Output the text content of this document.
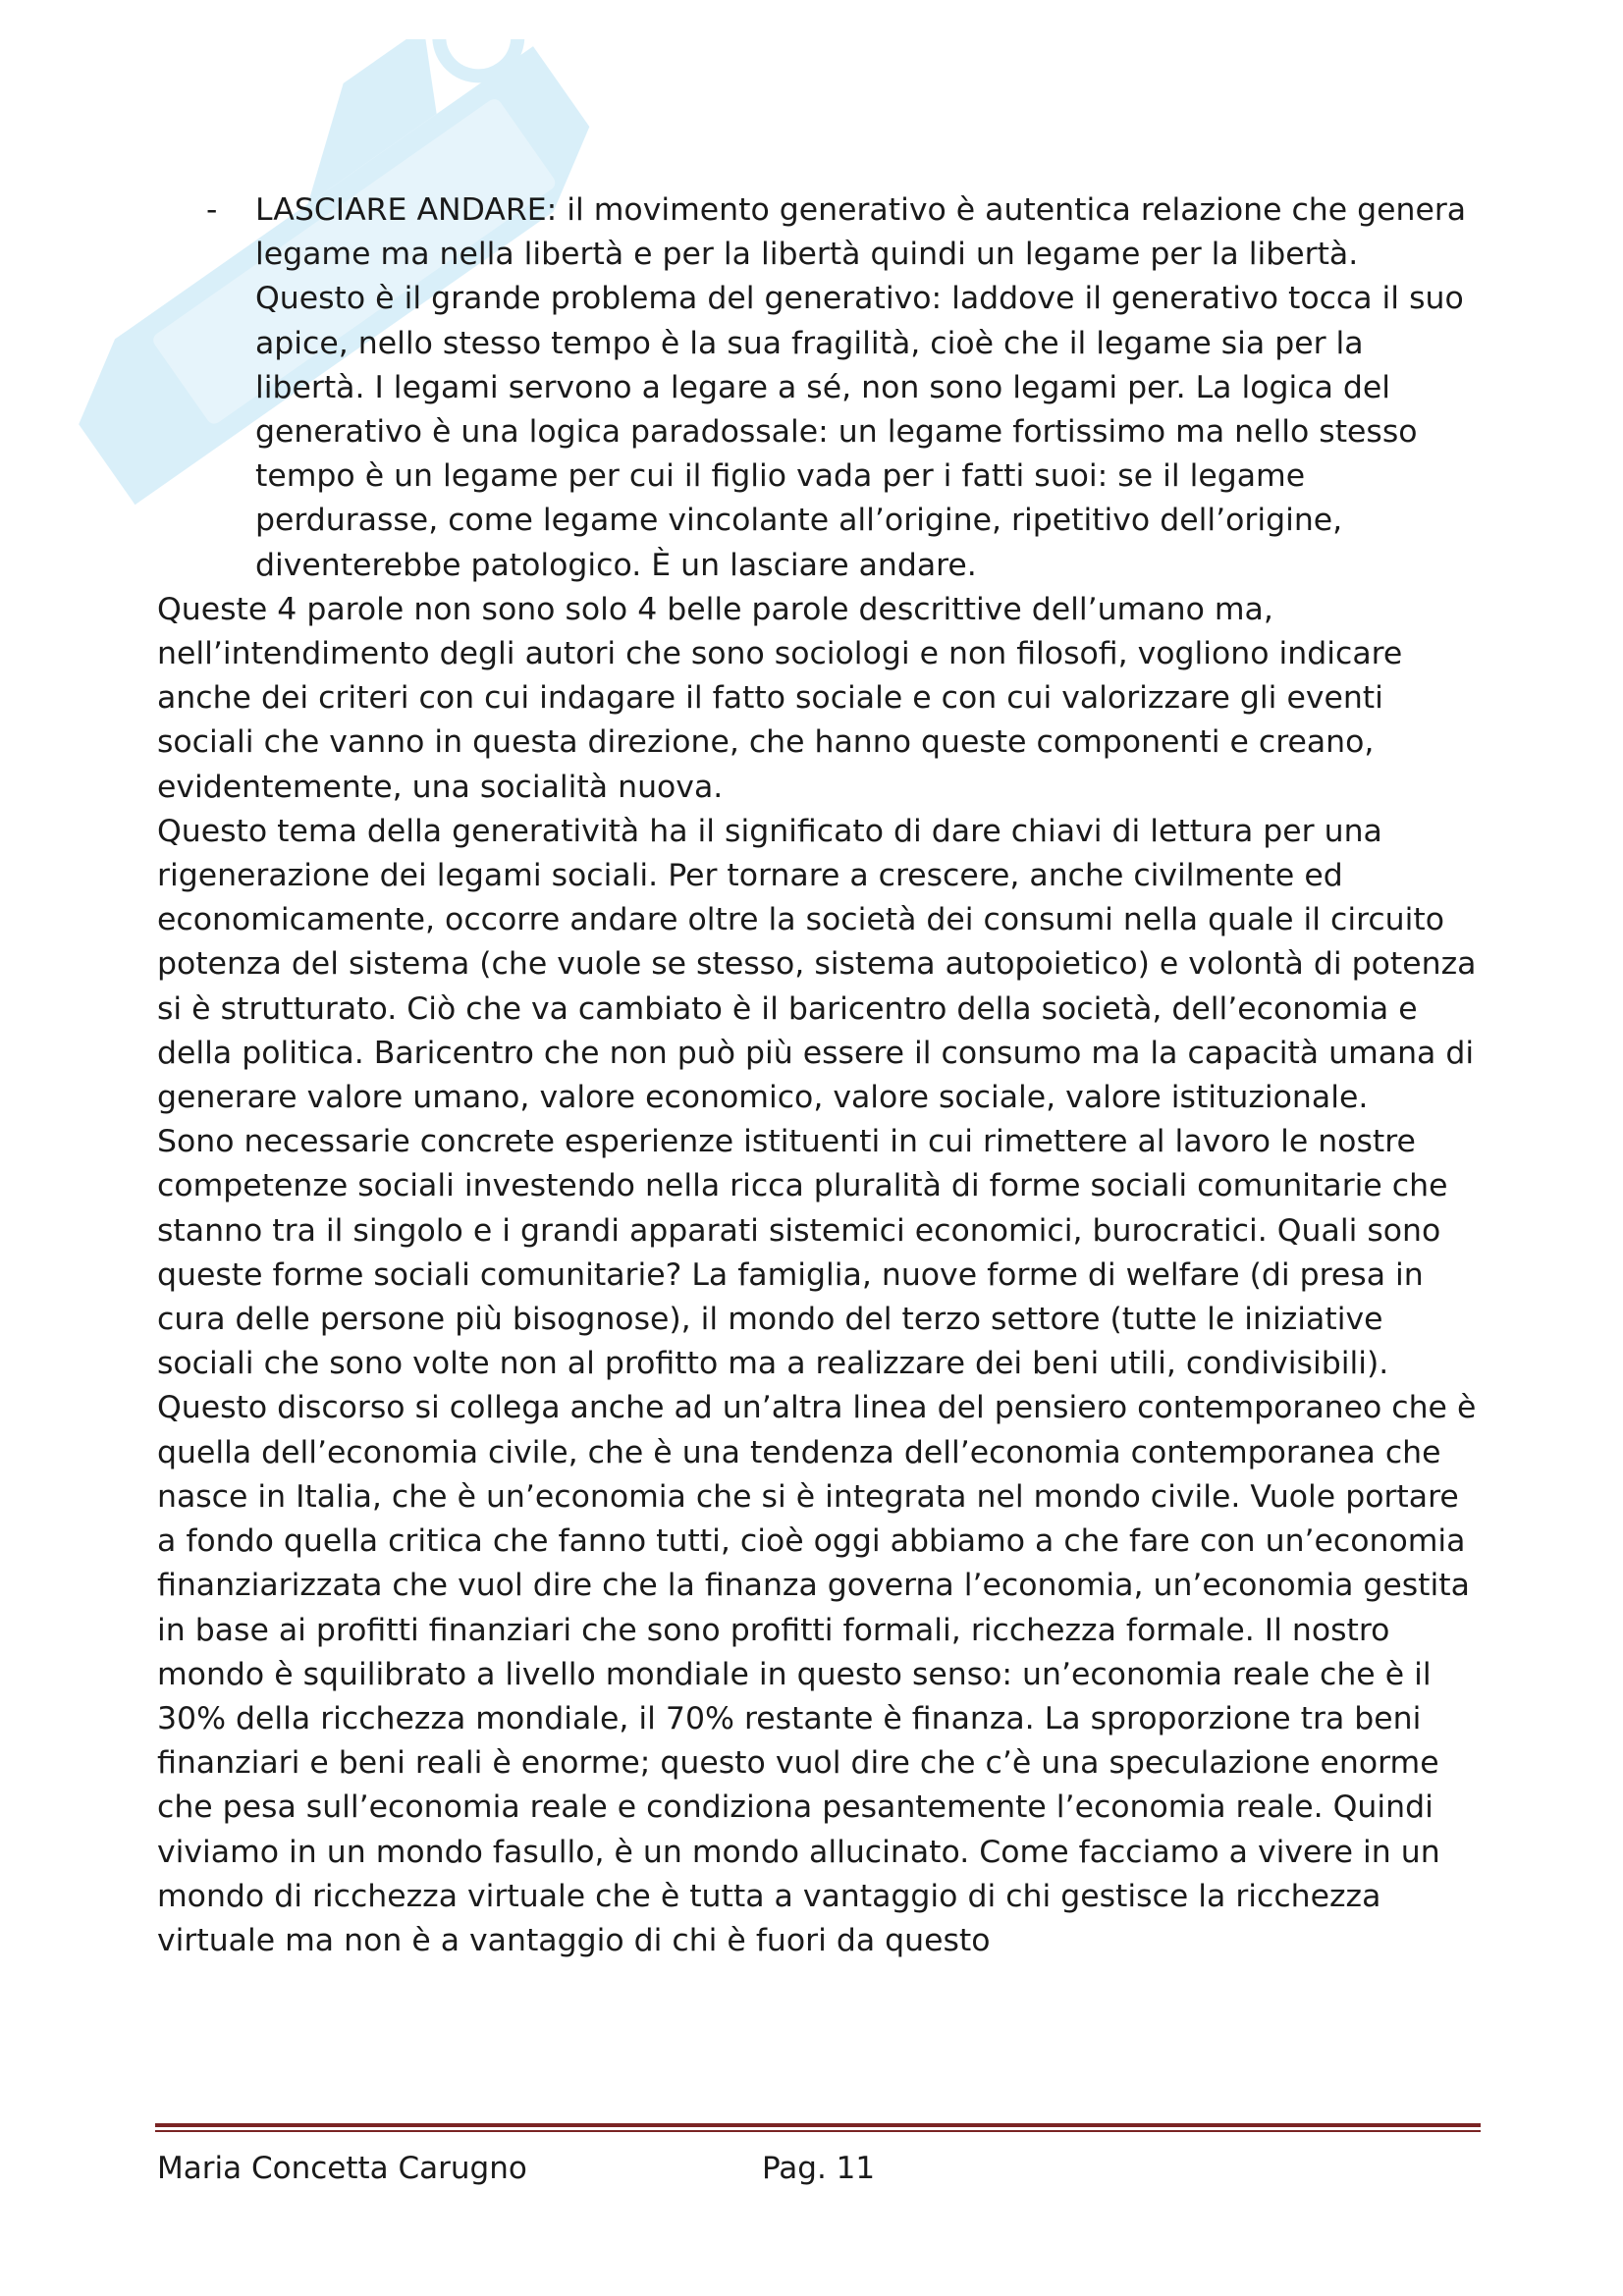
- LASCIARE ANDARE: il movimento generativo è autentica relazione che genera legame ma nella libertà e per la libertà quindi un legame per la libertà. Questo è il grande problema del generativo: laddove il generativo tocca il suo apice, nello stesso tempo è la sua fragilità, cioè che il legame sia per la libertà. I legami servono a legare a sé, non sono legami per. La logica del generativo è una logica paradossale: un legame fortissimo ma nello stesso tempo è un legame per cui il figlio vada per i fatti suoi: se il legame perdurasse, come legame vincolante all’origine, ripetitivo dell’origine, diventerebbe patologico. È un lasciare andare.

Queste 4 parole non sono solo 4 belle parole descrittive dell’umano ma, nell’intendimento degli autori che sono sociologi e non filosofi, vogliono indicare anche dei criteri con cui indagare il fatto sociale e con cui valorizzare gli eventi sociali che vanno in questa direzione, che hanno queste componenti e creano, evidentemente, una socialità nuova.

Questo tema della generatività ha il significato di dare chiavi di lettura per una rigenerazione dei legami sociali. Per tornare a crescere, anche civilmente ed economicamente, occorre andare oltre la società dei consumi nella quale il circuito potenza del sistema (che vuole se stesso, sistema autopoietico) e volontà di potenza si è strutturato. Ciò che va cambiato è il baricentro della società, dell’economia e della politica. Baricentro che non può più essere il consumo ma la capacità umana di generare valore umano, valore economico, valore sociale, valore istituzionale.

Sono necessarie concrete esperienze istituenti in cui rimettere al lavoro le nostre competenze sociali investendo nella ricca pluralità di forme sociali comunitarie che stanno tra il singolo e i grandi apparati sistemici economici, burocratici. Quali sono queste forme sociali comunitarie? La famiglia, nuove forme di welfare (di presa in cura delle persone più bisognose), il mondo del terzo settore (tutte le iniziative sociali che sono volte non al profitto ma a realizzare dei beni utili, condivisibili).

Questo discorso si collega anche ad un’altra linea del pensiero contemporaneo che è quella dell’economia civile, che è una tendenza dell’economia contemporanea che nasce in Italia, che è un’economia che si è integrata nel mondo civile. Vuole portare a fondo quella critica che fanno tutti, cioè oggi abbiamo a che fare con un’economia finanziarizzata che vuol dire che la finanza governa l’economia, un’economia gestita in base ai profitti finanziari che sono profitti formali, ricchezza formale. Il nostro mondo è squilibrato a livello mondiale in questo senso: un’economia reale che è il 30% della ricchezza mondiale, il 70% restante è finanza. La sproporzione tra beni finanziari e beni reali è enorme; questo vuol dire che c’è una speculazione enorme che pesa sull’economia reale e condiziona pesantemente l’economia reale. Quindi viviamo in un mondo fasullo, è un mondo allucinato. Come facciamo a vivere in un mondo di ricchezza virtuale che è tutta a vantaggio di chi gestisce la ricchezza virtuale ma non è a vantaggio di chi è fuori da questo

Maria Concetta Carugno	Pag. 11
